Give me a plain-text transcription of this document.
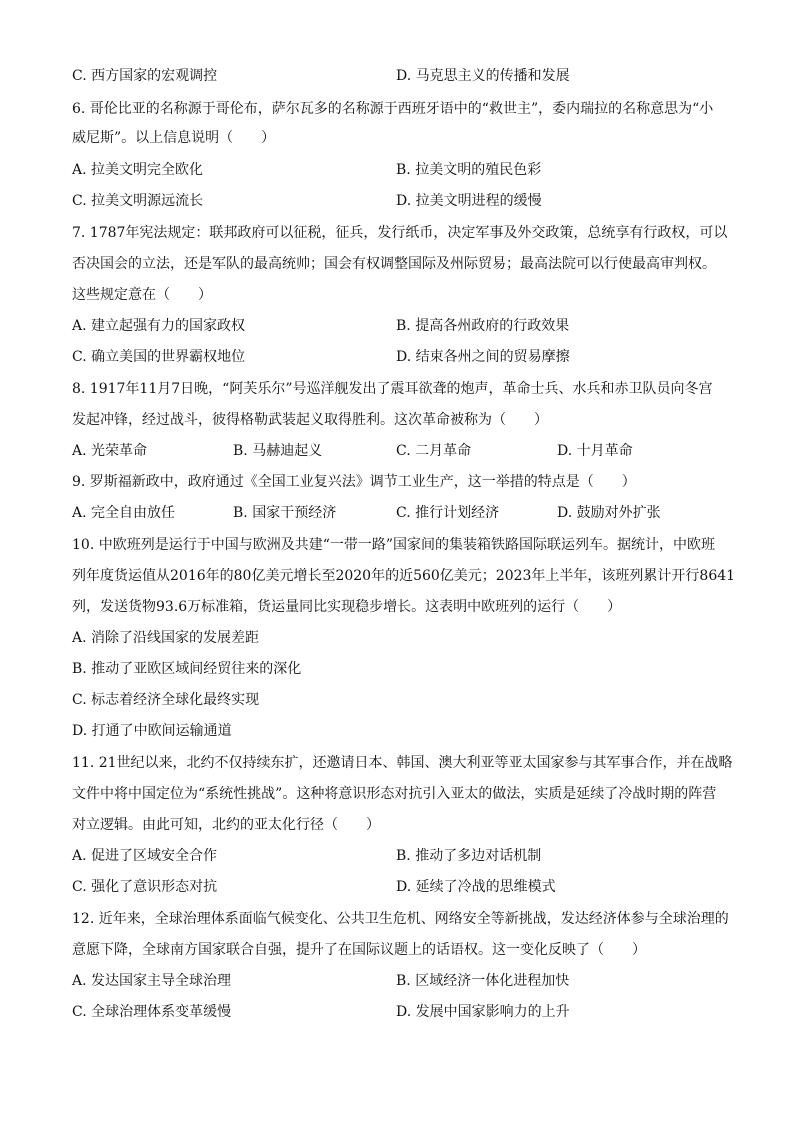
C. 西方国家的宏观调控	D. 马克思主义的传播和发展
6. 哥伦比亚的名称源于哥伦布，萨尔瓦多的名称源于西班牙语中的“救世主”，委内瑞拉的名称意思为“小
威尼斯”。以上信息说明（　　）
A. 拉美文明完全欧化	B. 拉美文明的殖民色彩
C. 拉美文明源远流长	D. 拉美文明进程的缓慢
7. 1787年宪法规定：联邦政府可以征税，征兵，发行纸币，决定军事及外交政策，总统享有行政权，可以
否决国会的立法，还是军队的最高统帅；国会有权调整国际及州际贸易；最高法院可以行使最高审判权。
这些规定意在（　　）
A. 建立起强有力的国家政权	B. 提高各州政府的行政效果
C. 确立美国的世界霸权地位	D. 结束各州之间的贸易摩擦
8. 1917年11月7日晚，“阿芙乐尔”号巡洋舰发出了震耳欲聋的炮声，革命士兵、水兵和赤卫队员向冬宫
发起冲锋，经过战斗，彼得格勒武装起义取得胜利。这次革命被称为（　　）
A. 光荣革命	B. 马赫迪起义	C. 二月革命	D. 十月革命
9. 罗斯福新政中，政府通过《全国工业复兴法》调节工业生产，这一举措的特点是（　　）
A. 完全自由放任	B. 国家干预经济	C. 推行计划经济	D. 鼓励对外扩张
10. 中欧班列是运行于中国与欧洲及共建“一带一路”国家间的集装箱铁路国际联运列车。据统计，中欧班
列年度货运值从2016年的80亿美元增长至2020年的近560亿美元；2023年上半年，该班列累计开行8641
列，发送货物93.6万标准箱，货运量同比实现稳步增长。这表明中欧班列的运行（　　）
A. 消除了沿线国家的发展差距
B. 推动了亚欧区域间经贸往来的深化
C. 标志着经济全球化最终实现
D. 打通了中欧间运输通道
11. 21世纪以来，北约不仅持续东扩，还邀请日本、韩国、澳大利亚等亚太国家参与其军事合作，并在战略
文件中将中国定位为“系统性挑战”。这种将意识形态对抗引入亚太的做法，实质是延续了冷战时期的阵营
对立逻辑。由此可知，北约的亚太化行径（　　）
A. 促进了区域安全合作	B. 推动了多边对话机制
C. 强化了意识形态对抗	D. 延续了冷战的思维模式
12. 近年来，全球治理体系面临气候变化、公共卫生危机、网络安全等新挑战，发达经济体参与全球治理的
意愿下降，全球南方国家联合自强，提升了在国际议题上的话语权。这一变化反映了（　　）
A. 发达国家主导全球治理	B. 区域经济一体化进程加快
C. 全球治理体系变革缓慢	D. 发展中国家影响力的上升
